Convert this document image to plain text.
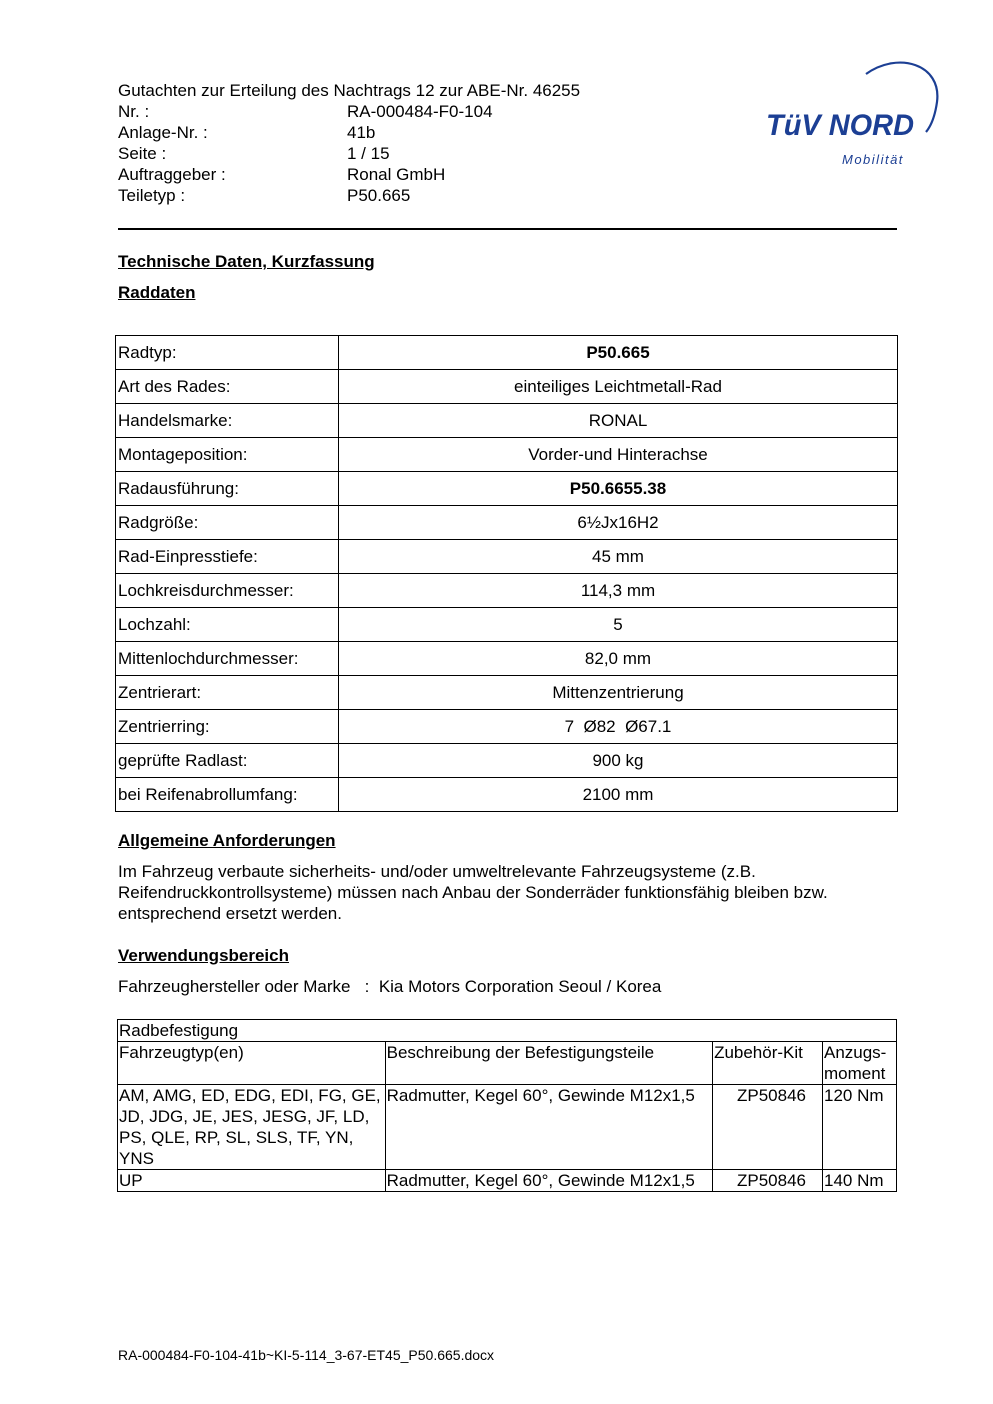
Gutachten zur Erteilung des Nachtrags 12 zur ABE-Nr. 46255
Nr. :	RA-000484-F0-104
Anlage-Nr. :	41b
Seite :	1 / 15
Auftraggeber :	Ronal GmbH
Teiletyp :	P50.665
TüV NORD
Mobilität
Technische Daten, Kurzfassung
Raddaten
Radtyp:	P50.665
Art des Rades:	einteiliges Leichtmetall-Rad
Handelsmarke:	RONAL
Montageposition:	Vorder-und Hinterachse
Radausführung:	P50.6655.38
Radgröße:	6½Jx16H2
Rad-Einpresstiefe:	45 mm
Lochkreisdurchmesser:	114,3 mm
Lochzahl:	5
Mittenlochdurchmesser:	82,0 mm
Zentrierart:	Mittenzentrierung
Zentrierring:	7  Ø82  Ø67.1
geprüfte Radlast:	900 kg
bei Reifenabrollumfang:	2100 mm
Allgemeine Anforderungen
Im Fahrzeug verbaute sicherheits- und/oder umweltrelevante Fahrzeugsysteme (z.B. Reifendruckkontrollsysteme) müssen nach Anbau der Sonderräder funktionsfähig bleiben bzw. entsprechend ersetzt werden.
Verwendungsbereich
Fahrzeughersteller oder Marke : Kia Motors Corporation Seoul / Korea
Radbefestigung			
Fahrzeugtyp(en)	Beschreibung der Befestigungsteile	Zubehör-Kit	Anzugs-
moment
AM, AMG, ED, EDG, EDI, FG, GE, JD, JDG, JE, JES, JESG, JF, LD, PS, QLE, RP, SL, SLS, TF, YN, YNS	Radmutter, Kegel 60°, Gewinde M12x1,5	ZP50846	120 Nm
UP	Radmutter, Kegel 60°, Gewinde M12x1,5	ZP50846	140 Nm
RA-000484-F0-104-41b~KI-5-114_3-67-ET45_P50.665.docx
